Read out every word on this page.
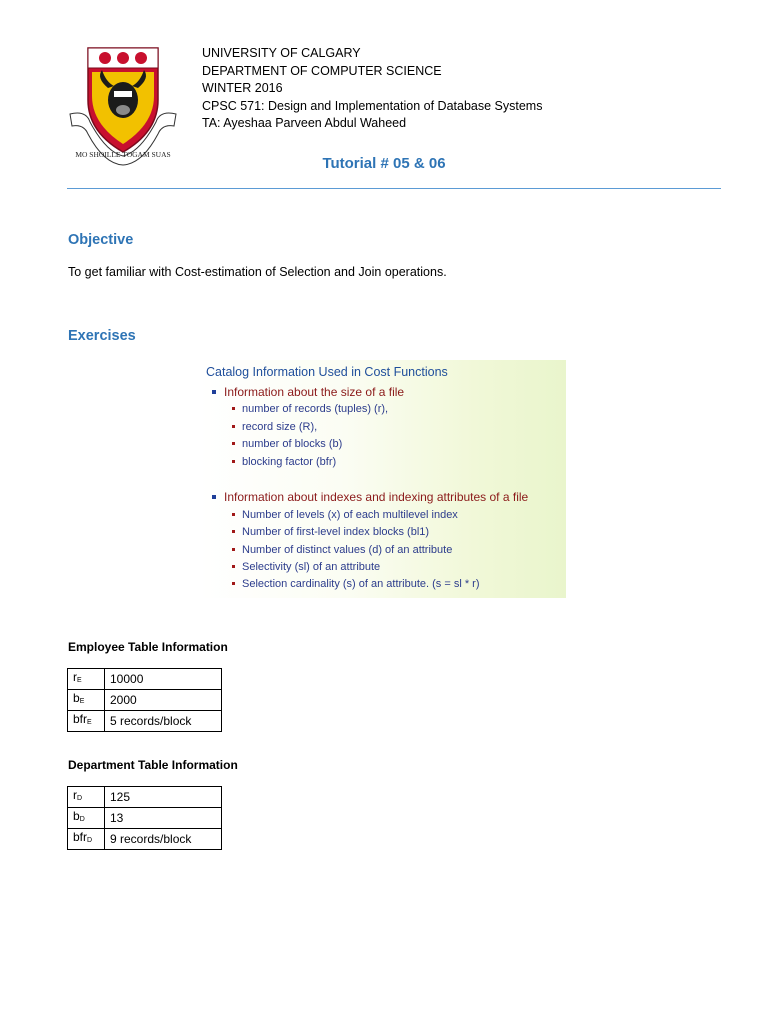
MO SHOILLE TOGAM SUAS
UNIVERSITY OF CALGARY
DEPARTMENT OF COMPUTER SCIENCE
WINTER 2016
CPSC 571: Design and Implementation of Database Systems
TA: Ayeshaa Parveen Abdul Waheed
Tutorial # 05 & 06
Objective
To get familiar with Cost-estimation of Selection and Join operations.
Exercises
Catalog Information Used in Cost Functions
Information about the size of a file
number of records (tuples) (r),
record size (R),
number of blocks (b)
blocking factor (bfr)
Information about indexes and indexing attributes of a file
Number of levels (x) of each multilevel index
Number of first-level index blocks (bl1)
Number of distinct values (d) of an attribute
Selectivity (sl) of an attribute
Selection cardinality (s) of an attribute. (s = sl * r)
Employee Table Information
$r_E$	10000
$b_E$	2000
bfr$_E$	5 records/block
Department Table Information
$r_D$	125
$b_D$	13
bfr$_D$	9 records/block
